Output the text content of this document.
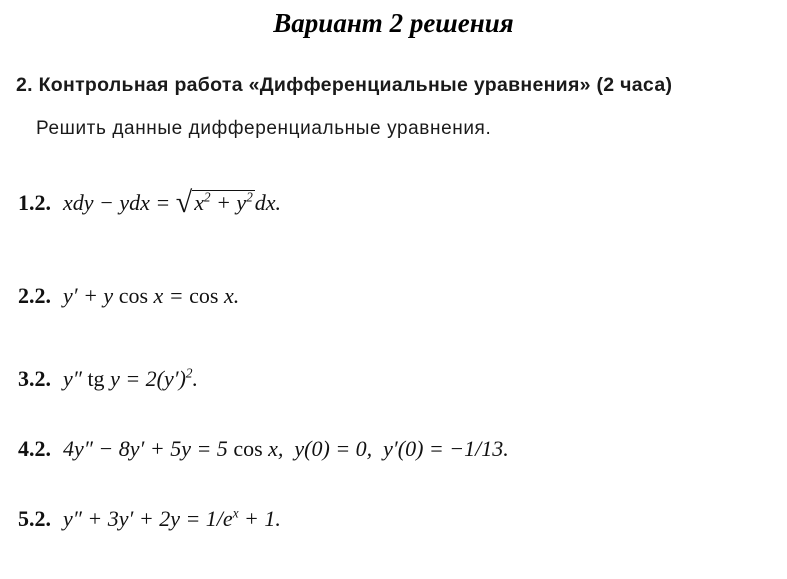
Вариант 2 решения
2. Контрольная работа «Дифференциальные уравнения» (2 часа)
Решить данные дифференциальные уравнения.
1.2. xdy − ydx = √ $x^2 + y^2$ dx.
2.2. y′ + y cos x = cos x.
3.2. y″ tg $y = 2(y')^2$.
4.2. 4y″ − 8y′ + 5y = 5 cos x,  y(0) = 0,  y′(0) = −1/13.
5.2. $y'' + 3y' + 2y = 1/e^x + 1$.
